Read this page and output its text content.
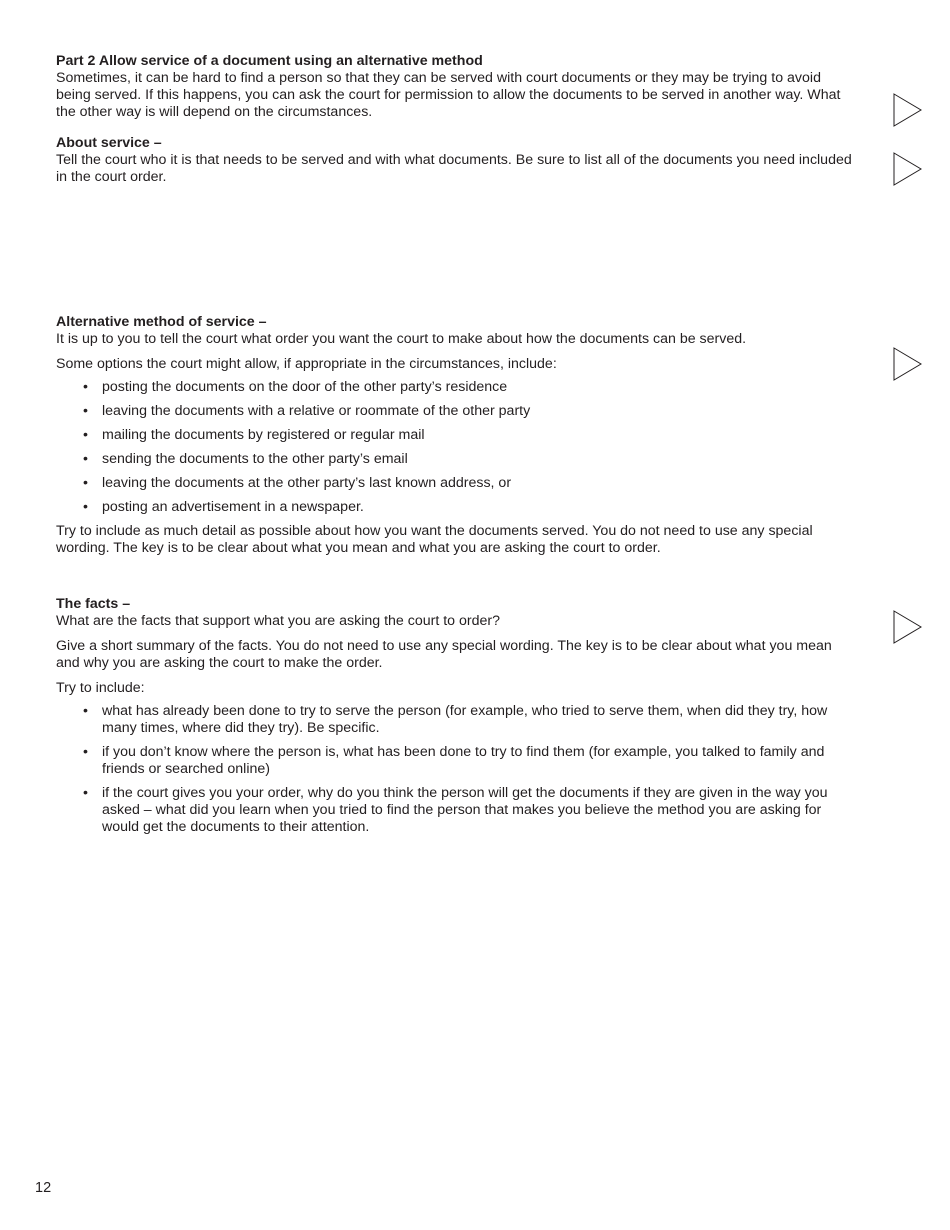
Part 2 Allow service of a document using an alternative method

Sometimes, it can be hard to find a person so that they can be served with court documents or they may be trying to avoid being served. If this happens, you can ask the court for permission to allow the documents to be served in another way. What the other way is will depend on the circumstances.

About service –

Tell the court who it is that needs to be served and with what documents. Be sure to list all of the documents you need included in the court order.

Alternative method of service –

It is up to you to tell the court what order you want the court to make about how the documents can be served.

Some options the court might allow, if appropriate in the circumstances, include:

• posting the documents on the door of the other party’s residence
• leaving the documents with a relative or roommate of the other party
• mailing the documents by registered or regular mail
• sending the documents to the other party’s email
• leaving the documents at the other party’s last known address, or
• posting an advertisement in a newspaper.

Try to include as much detail as possible about how you want the documents served. You do not need to use any special wording. The key is to be clear about what you mean and what you are asking the court to order.

The facts –

What are the facts that support what you are asking the court to order?

Give a short summary of the facts. You do not need to use any special wording. The key is to be clear about what you mean and why you are asking the court to make the order.

Try to include:

• what has already been done to try to serve the person (for example, who tried to serve them, when did they try, how many times, where did they try). Be specific.
• if you don’t know where the person is, what has been done to try to find them (for example, you talked to family and friends or searched online)
• if the court gives you your order, why do you think the person will get the documents if they are given in the way you asked – what did you learn when you tried to find the person that makes you believe the method you are asking for would get the documents to their attention.
12
